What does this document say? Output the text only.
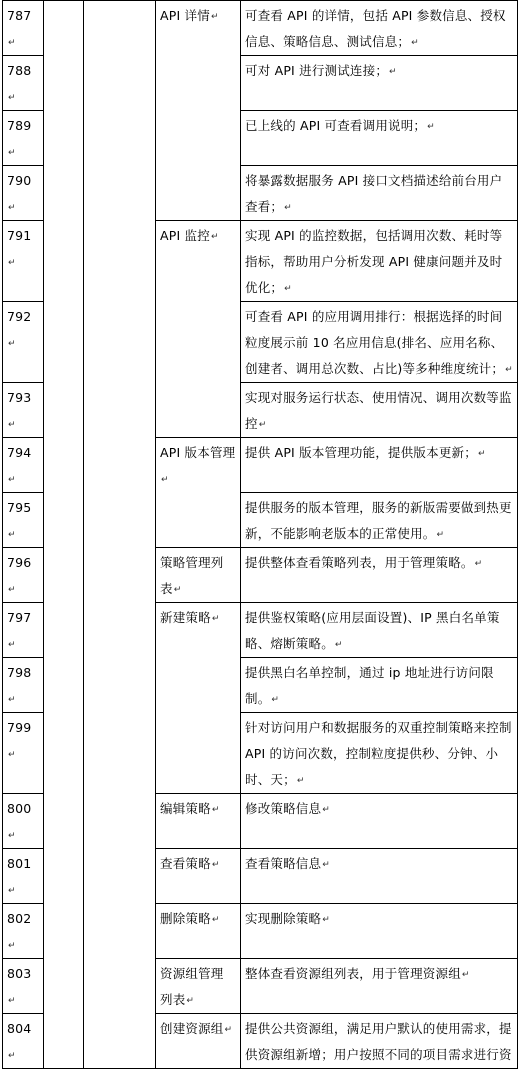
787↵			API 详情↵	可查看 API 的详情，包括 API 参数信息、授权信息、策略信息、测试信息；↵
788↵				可对 API 进行测试连接；↵
789↵				已上线的 API 可查看调用说明；↵
790↵				将暴露数据服务 API 接口文档描述给前台用户查看；↵
791↵			API 监控↵	实现 API 的监控数据，包括调用次数、耗时等指标，帮助用户分析发现 API 健康问题并及时优化；↵
792↵				可查看 API 的应用调用排行：根据选择的时间粒度展示前 10 名应用信息(排名、应用名称、创建者、调用总次数、占比)等多种维度统计；↵
793↵				实现对服务运行状态、使用情况、调用次数等监控↵
794↵			API 版本管理↵	提供 API 版本管理功能，提供版本更新；↵
795↵				提供服务的版本管理，服务的新版需要做到热更新，不能影响老版本的正常使用。↵
796↵			策略管理列表↵	提供整体查看策略列表，用于管理策略。↵
797↵			新建策略↵	提供鉴权策略(应用层面设置)、IP 黑白名单策略、熔断策略。↵
798↵				提供黑白名单控制，通过 ip 地址进行访问限制。↵
799↵				针对访问用户和数据服务的双重控制策略来控制 API 的访问次数，控制粒度提供秒、分钟、小时、天；↵
800↵			编辑策略↵	修改策略信息↵
801↵			查看策略↵	查看策略信息↵
802↵			删除策略↵	实现删除策略↵
803↵			资源组管理列表↵	整体查看资源组列表，用于管理资源组↵
804↵			创建资源组↵	提供公共资源组，满足用户默认的使用需求，提供资源组新增；用户按照不同的项目需求进行资
